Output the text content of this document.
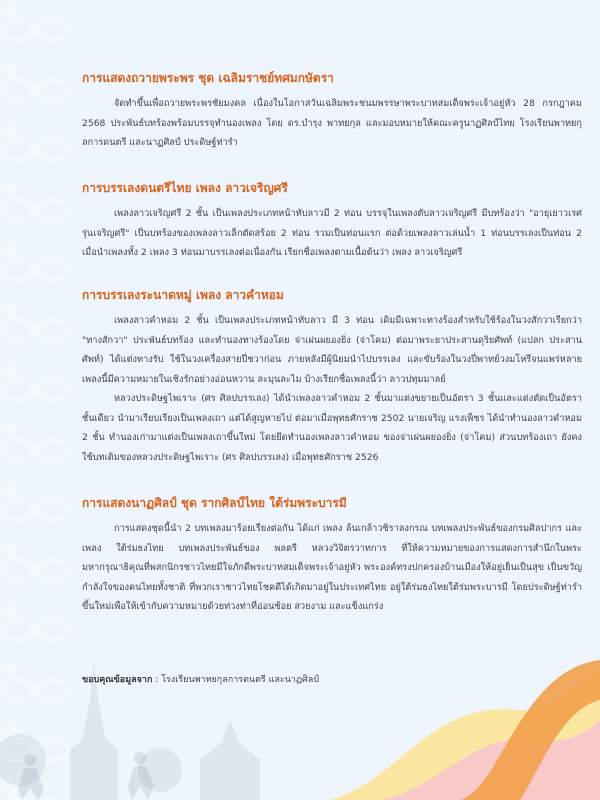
การแสดงถวายพระพร ชุด เฉลิมราชย์ทศมกษัตรา

จัดทำขึ้นเพื่อถวายพระพรชัยมงคล เนื่องในโอกาสวันเฉลิมพระชนมพรรษาพระบาทสมเด็จพระเจ้าอยู่หัว 28 กรกฎาคม 2568 ประพันธ์บทร้องพร้อมบรรจุทำนองเพลง โดย ดร.บำรุง พาทยกุล และมอบหมายให้คณะครูนาฏศิลป์ไทย โรงเรียนพาทยกุลการดนตรี และนาฏศิลป์ ประดิษฐ์ท่ารำ

การบรรเลงดนตรีไทย เพลง ลาวเจริญศรี

เพลงลาวเจริญศรี 2 ชั้น เป็นเพลงประเภทหน้าทับลาวมี 2 ท่อน บรรจุในเพลงตับลาวเจริญศรี มีบทร้องว่า "อายุเยาวเรศรุ่นเจริญศรี" เป็นบทร้องของเพลงลาวเล็กตัดสร้อย 2 ท่อน รวมเป็นท่อนแรก ต่อด้วยเพลงลาวเล่นน้ำ 1 ท่อนบรรเลงเป็นท่อน 2 เมื่อนำเพลงทั้ง 2 เพลง 3 ท่อนมาบรรเลงต่อเนื่องกัน เรียกชื่อเพลงตามเนื้อต้นว่า เพลง ลาวเจริญศรี

การบรรเลงระนาดหมู่ เพลง ลาวคำหอม

เพลงลาวคำหอม 2 ชั้น เป็นเพลงประเภทหน้าทับลาว มี 3 ท่อน เดิมมีเฉพาะทางร้องสำหรับใช้ร้องในวงสักวาเรียกว่า "ทางสักวา" ประพันธ์บทร้อง และทำนองทางร้องโดย จ่าเผ่นผยองยิ่ง (จ่าโคม) ต่อมาพระยาประสานดุริยศัพท์ (แปลก ประสานศัพท์) ได้แต่งทางรับ ใช้ในวงเครื่องสายปี่ชวาก่อน ภายหลังมีผู้นิยมนำไปบรรเลง และขับร้องในวงปี่พาทย์วงมโหรีจนแพร่หลาย เพลงนี้มีความหมายในเชิงรักอย่างอ่อนหวาน ละมุนละไม บ้างเรียกชื่อเพลงนี้ว่า ลาวปทุมมาลย์

หลวงประดิษฐไพเราะ (ศร ศิลปบรรเลง) ได้นำเพลงลาวคำหอม 2 ชั้นมาแต่งขยายเป็นอัตรา 3 ชั้นและแต่งตัดเป็นอัตราชั้นเดียว นำมาเรียบเรียงเป็นเพลงเถา แต่ได้สูญหายไป ต่อมาเมื่อพุทธศักราช 2502 นายเจริญ แรงเพ็ชร ได้นำทำนองลาวคำหอม 2 ชั้น ทำนองเก่ามาแต่งเป็นเพลงเถาขึ้นใหม่ โดยยึดทำนองเพลงลาวคำหอม ของจ่าเผ่นผยองยิ่ง (จ่าโคม) ส่วนบทร้องเถา ยังคงใช้บทเดิมของหลวงประดิษฐไพเราะ (ศร ศิลปบรรเลง) เมื่อพุทธศักราช 2526

การแสดงนาฏศิลป์ ชุด รากศิลป์ไทย ใต้ร่มพระบารมี

การแสดงชุดนี้นำ 2 บทเพลงมาร้อยเรียงต่อกัน ได้แก่ เพลง ล้นเกล้าวชิราลงกรณ บทเพลงประพันธ์ของกรมศิลปากร และเพลง ใต้ร่มธงไทย บทเพลงประพันธ์ของ พลตรี หลวงวิจิตรวาทการ ที่ให้ความหมายของการแสดงการสำนึกในพระมหากรุณาธิคุณที่พสกนิกรชาวไทยมีใจภักดีพระบาทสมเด็จพระเจ้าอยู่หัว พระองค์ทรงปกครองบ้านเมืองให้อยู่เย็นเป็นสุข เป็นขวัญกำลังใจของคนไทยทั้งชาติ ที่พวกเราชาวไทยโชคดีได้เกิดมาอยู่ในประเทศไทย อยู่ใต้ร่มธงไทยใต้ร่มพระบารมี โดยประดิษฐ์ท่ารำขึ้นใหม่เพื่อให้เข้ากับความหมายด้วยท่วงท่าที่อ่อนช้อย สวยงาม และแข็งแกร่ง

ขอบคุณข้อมูลจาก : โรงเรียนพาทยกุลการดนตรี และนาฏศิลป์
